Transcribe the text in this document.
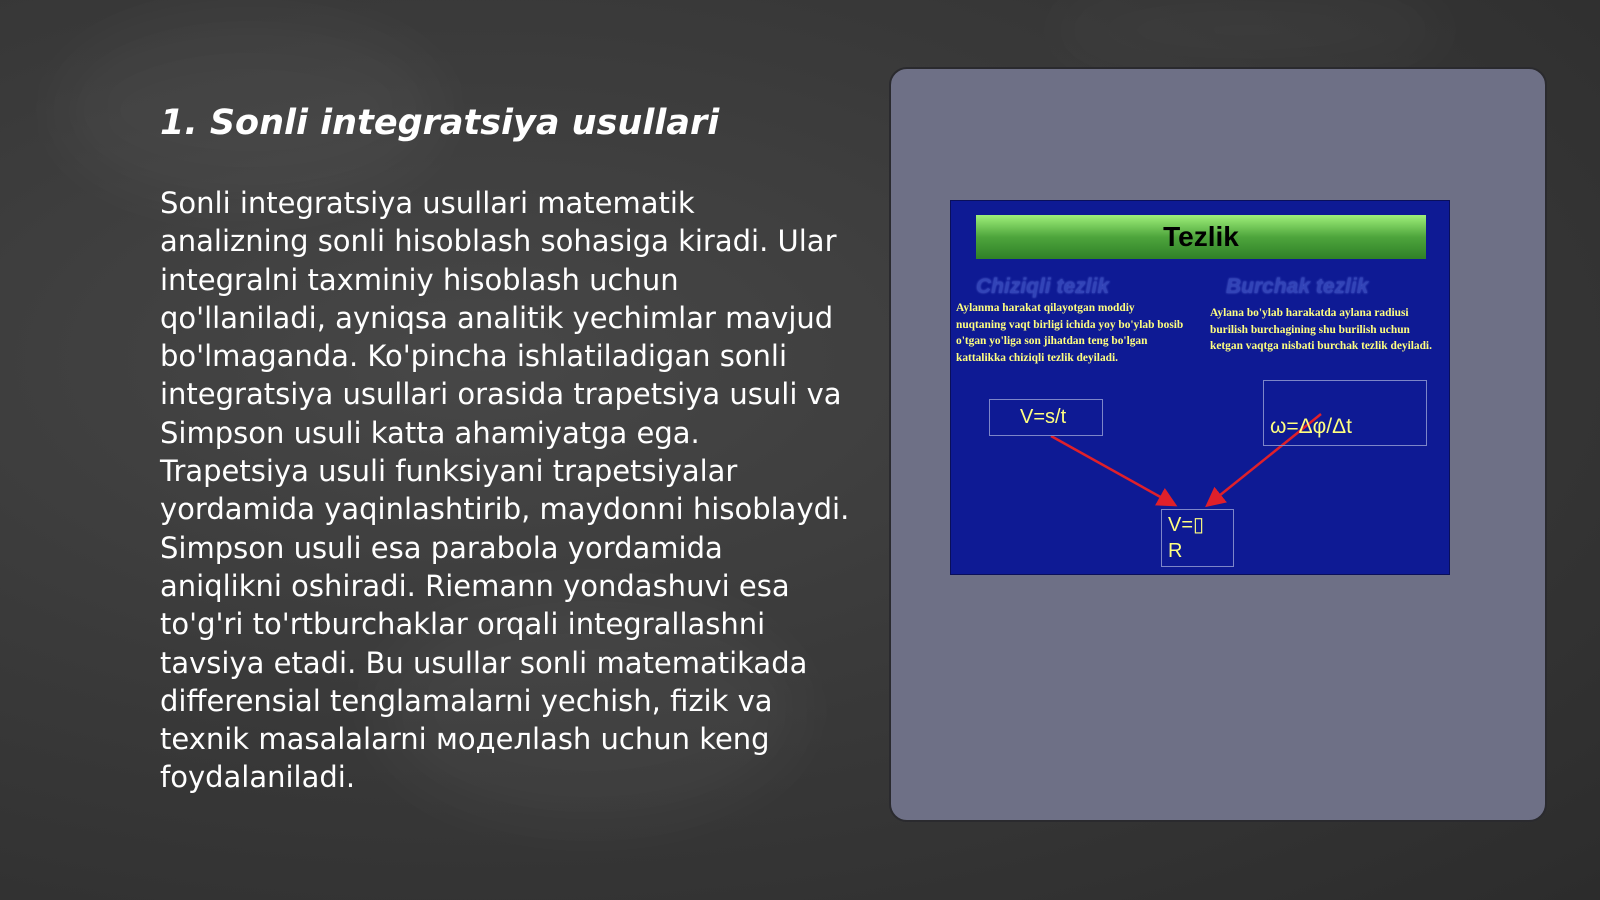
1. Sonli integratsiya usullari

Sonli integratsiya usullari matematik analizning sonli hisoblash sohasiga kiradi. Ular integralni taxminiy hisoblash uchun qo'llaniladi, ayniqsa analitik yechimlar mavjud bo'lmaganda. Ko'pincha ishlatiladigan sonli integratsiya usullari orasida trapetsiya usuli va Simpson usuli katta ahamiyatga ega. Trapetsiya usuli funksiyani trapetsiyalar yordamida yaqinlashtirib, maydonni hisoblaydi. Simpson usuli esa parabola yordamida aniqlikni oshiradi. Riemann yondashuvi esa to'g'ri to'rtburchaklar orqali integrallashni tavsiya etadi. Bu usullar sonli matematikada differensial tenglamalarni yechish, fizik va texnik masalalarni моделlash uchun keng foydalaniladi.

Tezlik
Chiziqli tezlik	Burchak tezlik
Aylanma harakat qilayotgan moddiy nuqtaning vaqt birligi ichida yoy bo'ylab bosib o'tgan yo'liga son jihatdan teng bo'lgan kattalikka chiziqli tezlik deyiladi.
Aylana bo'ylab harakatda aylana radiusi burilish burchagining shu burilish uchun ketgan vaqtga nisbati burchak tezlik deyiladi.
V=s/t	ω=Δφ/Δt
V=▯
R
